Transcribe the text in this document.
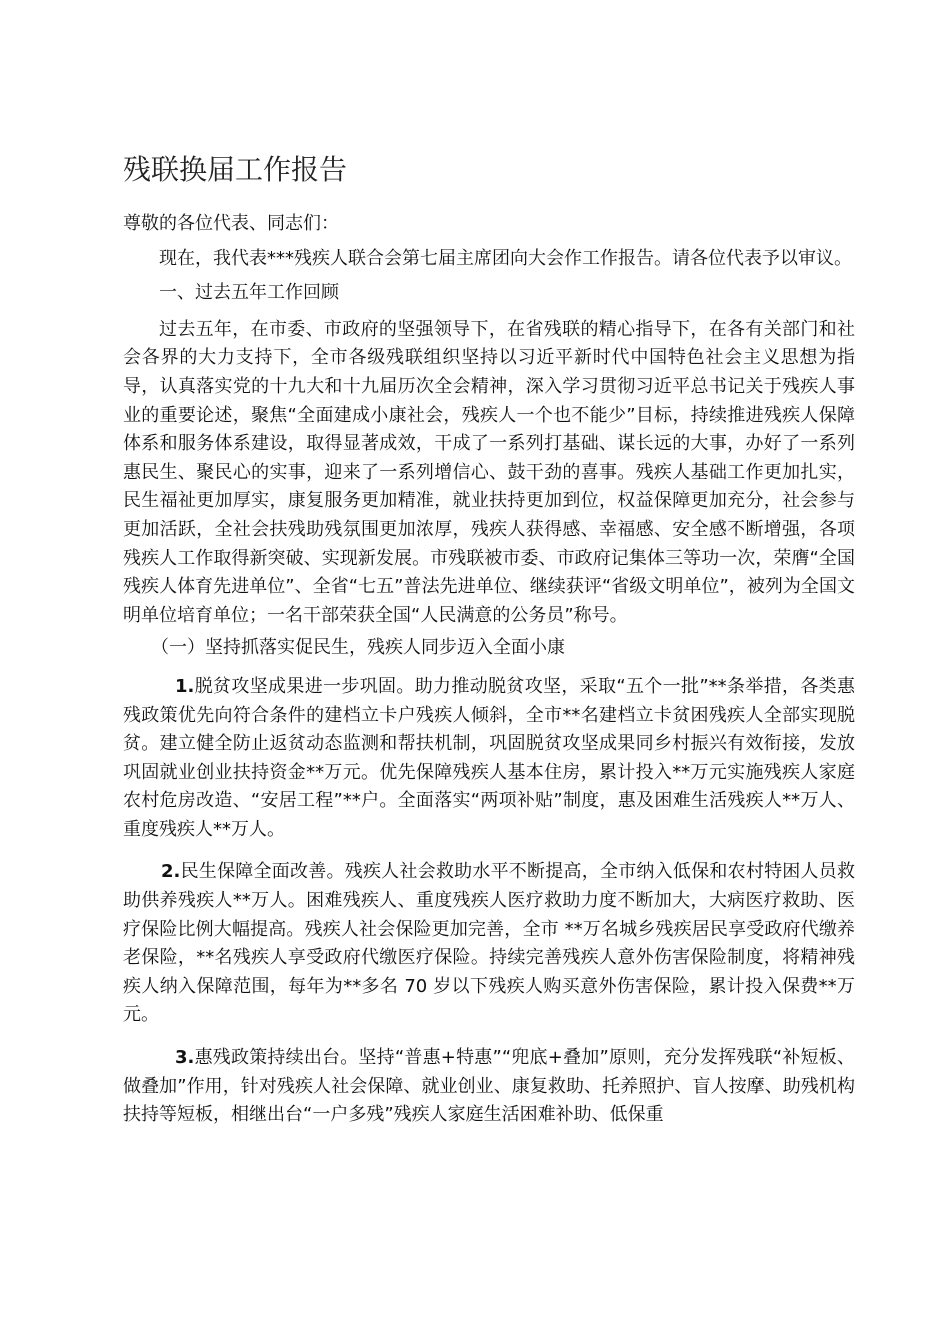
残联换届工作报告

尊敬的各位代表、同志们：

现在，我代表***残疾人联合会第七届主席团向大会作工作报告。请各位代表予以审议。

一、过去五年工作回顾

过去五年，在市委、市政府的坚强领导下，在省残联的精心指导下，在各有关部门和社会各界的大力支持下，全市各级残联组织坚持以习近平新时代中国特色社会主义思想为指导，认真落实党的十九大和十九届历次全会精神，深入学习贯彻习近平总书记关于残疾人事业的重要论述，聚焦“全面建成小康社会，残疾人一个也不能少”目标，持续推进残疾人保障体系和服务体系建设，取得显著成效，干成了一系列打基础、谋长远的大事，办好了一系列惠民生、聚民心的实事，迎来了一系列增信心、鼓干劲的喜事。残疾人基础工作更加扎实，民生福祉更加厚实，康复服务更加精准，就业扶持更加到位，权益保障更加充分，社会参与更加活跃，全社会扶残助残氛围更加浓厚，残疾人获得感、幸福感、安全感不断增强，各项残疾人工作取得新突破、实现新发展。市残联被市委、市政府记集体三等功一次，荣膺“全国残疾人体育先进单位”、全省“七五”普法先进单位、继续获评“省级文明单位”，被列为全国文明单位培育单位；一名干部荣获全国“人民满意的公务员”称号。

（一）坚持抓落实促民生，残疾人同步迈入全面小康

1.脱贫攻坚成果进一步巩固。助力推动脱贫攻坚，采取“五个一批”**条举措，各类惠残政策优先向符合条件的建档立卡户残疾人倾斜，全市**名建档立卡贫困残疾人全部实现脱贫。建立健全防止返贫动态监测和帮扶机制，巩固脱贫攻坚成果同乡村振兴有效衔接，发放巩固就业创业扶持资金**万元。优先保障残疾人基本住房，累计投入**万元实施残疾人家庭农村危房改造、“安居工程”**户。全面落实“两项补贴”制度，惠及困难生活残疾人**万人、重度残疾人**万人。

2.民生保障全面改善。残疾人社会救助水平不断提高，全市纳入低保和农村特困人员救助供养残疾人**万人。困难残疾人、重度残疾人医疗救助力度不断加大，大病医疗救助、医疗保险比例大幅提高。残疾人社会保险更加完善，全市 **万名城乡残疾居民享受政府代缴养老保险，**名残疾人享受政府代缴医疗保险。持续完善残疾人意外伤害保险制度，将精神残疾人纳入保障范围，每年为**多名 70 岁以下残疾人购买意外伤害保险，累计投入保费**万元。

3.惠残政策持续出台。坚持“普惠+特惠”“兜底+叠加”原则，充分发挥残联“补短板、做叠加”作用，针对残疾人社会保障、就业创业、康复救助、托养照护、盲人按摩、助残机构扶持等短板，相继出台“一户多残”残疾人家庭生活困难补助、低保重
